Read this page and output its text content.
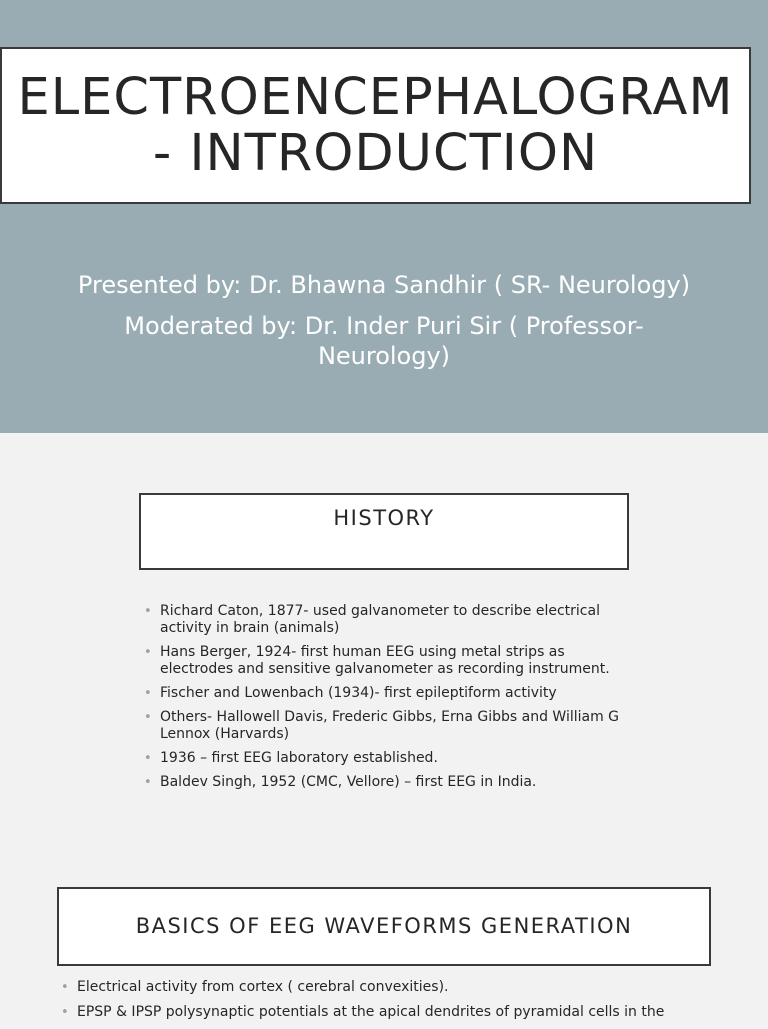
ELECTROENCEPHALOGRAM- INTRODUCTION
Presented by: Dr. Bhawna Sandhir ( SR- Neurology)
Moderated by: Dr. Inder Puri Sir ( Professor- Neurology)
HISTORY
• Richard Caton, 1877- used galvanometer to describe electrical activity in brain (animals)
• Hans Berger, 1924- first human EEG using metal strips as electrodes and sensitive galvanometer as recording instrument.
• Fischer and Lowenbach (1934)- first epileptiform activity
• Others- Hallowell Davis, Frederic Gibbs, Erna Gibbs and William G Lennox (Harvards)
• 1936 – first EEG laboratory established.
• Baldev Singh, 1952 (CMC, Vellore) – first EEG in India.
BASICS OF EEG WAVEFORMS GENERATION
• Electrical activity from cortex ( cerebral convexities).
• EPSP & IPSP polysynaptic potentials at the apical dendrites of pyramidal cells in the
